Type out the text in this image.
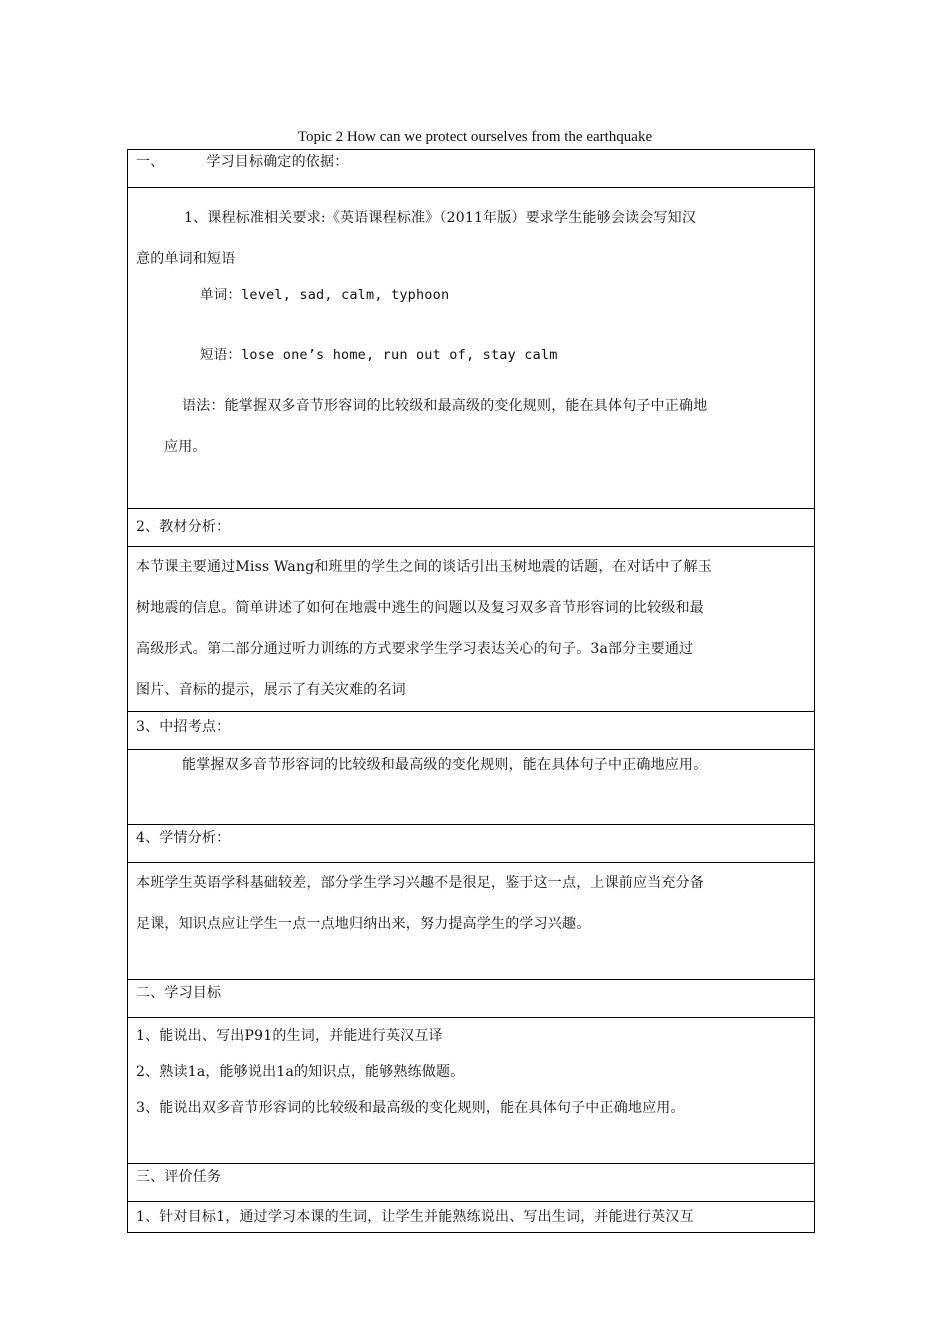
Topic 2 How can we protect ourselves from the earthquake
一、	学习目标确定的依据：

1、课程标准相关要求:《英语课程标准》（2011年版）要求学生能够会读会写知汉

意的单词和短语

单词：level, sad, calm, typhoon

短语：lose one’s home, run out of, stay calm

语法：能掌握双多音节形容词的比较级和最高级的变化规则，能在具体句子中正确地

应用。

2、教材分析：

本节课主要通过Miss Wang和班里的学生之间的谈话引出玉树地震的话题，在对话中了解玉

树地震的信息。简单讲述了如何在地震中逃生的问题以及复习双多音节形容词的比较级和最

高级形式。第二部分通过听力训练的方式要求学生学习表达关心的句子。3a部分主要通过

图片、音标的提示，展示了有关灾难的名词

3、中招考点：

能掌握双多音节形容词的比较级和最高级的变化规则，能在具体句子中正确地应用。

4、学情分析：

本班学生英语学科基础较差，部分学生学习兴趣不是很足，鉴于这一点，上课前应当充分备

足课，知识点应让学生一点一点地归纳出来，努力提高学生的学习兴趣。

二、学习目标

1、能说出、写出P91的生词，并能进行英汉互译

2、熟读1a，能够说出1a的知识点，能够熟练做题。

3、能说出双多音节形容词的比较级和最高级的变化规则，能在具体句子中正确地应用。

三、评价任务
1、针对目标1，通过学习本课的生词，让学生并能熟练说出、写出生词，并能进行英汉互
